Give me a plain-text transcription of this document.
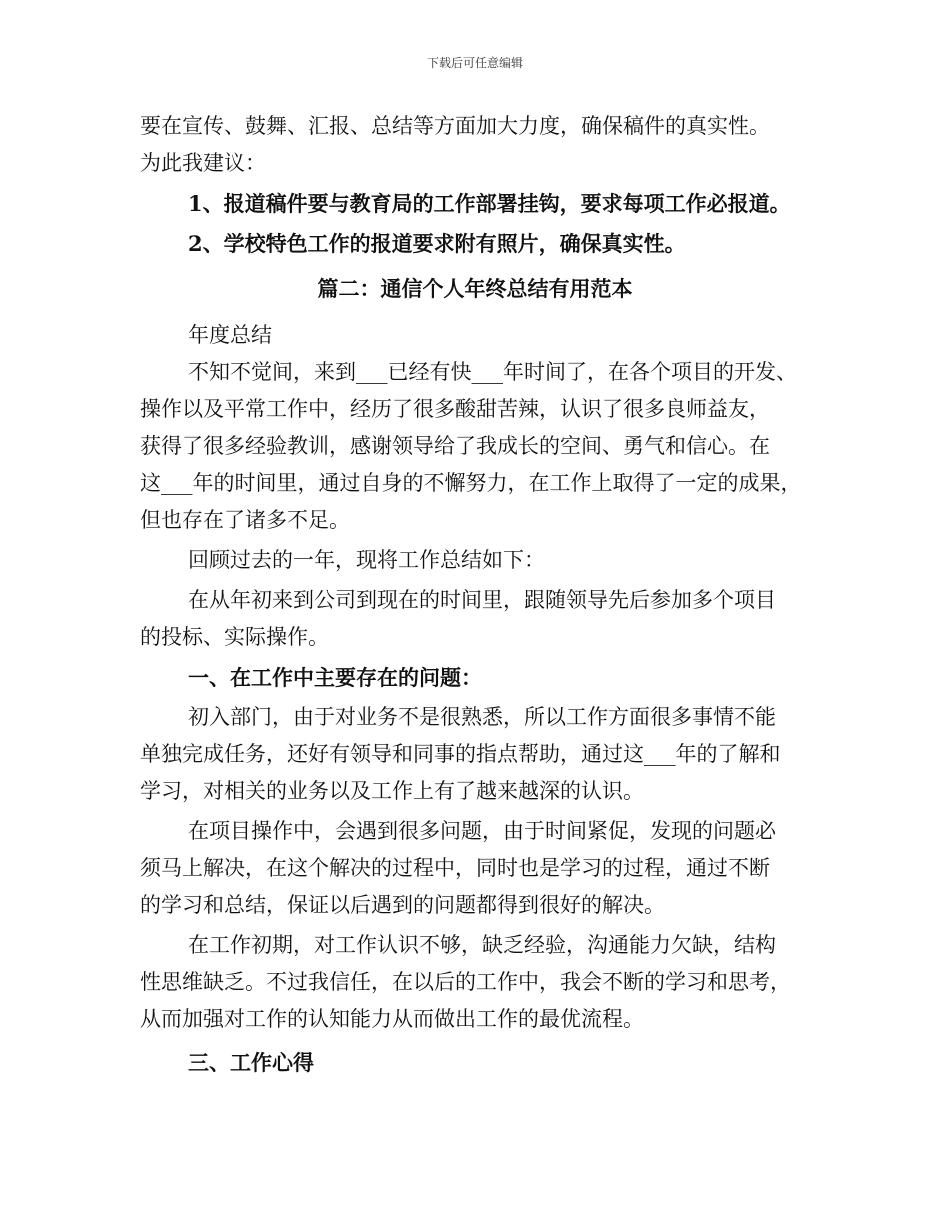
下载后可任意编辑
要在宣传、鼓舞、汇报、总结等方面加大力度，确保稿件的真实性。
为此我建议：
1、报道稿件要与教育局的工作部署挂钩，要求每项工作必报道。
2、学校特色工作的报道要求附有照片，确保真实性。
篇二：通信个人年终总结有用范本
年度总结
不知不觉间，来到___已经有快___年时间了，在各个项目的开发、
操作以及平常工作中，经历了很多酸甜苦辣，认识了很多良师益友，
获得了很多经验教训，感谢领导给了我成长的空间、勇气和信心。在
这___年的时间里，通过自身的不懈努力，在工作上取得了一定的成果，
但也存在了诸多不足。
回顾过去的一年，现将工作总结如下：
在从年初来到公司到现在的时间里，跟随领导先后参加多个项目
的投标、实际操作。
一、在工作中主要存在的问题：
初入部门，由于对业务不是很熟悉，所以工作方面很多事情不能
单独完成任务，还好有领导和同事的指点帮助，通过这___年的了解和
学习，对相关的业务以及工作上有了越来越深的认识。
在项目操作中，会遇到很多问题，由于时间紧促，发现的问题必
须马上解决，在这个解决的过程中，同时也是学习的过程，通过不断
的学习和总结，保证以后遇到的问题都得到很好的解决。
在工作初期，对工作认识不够，缺乏经验，沟通能力欠缺，结构
性思维缺乏。不过我信任，在以后的工作中，我会不断的学习和思考，
从而加强对工作的认知能力从而做出工作的最优流程。
三、工作心得
